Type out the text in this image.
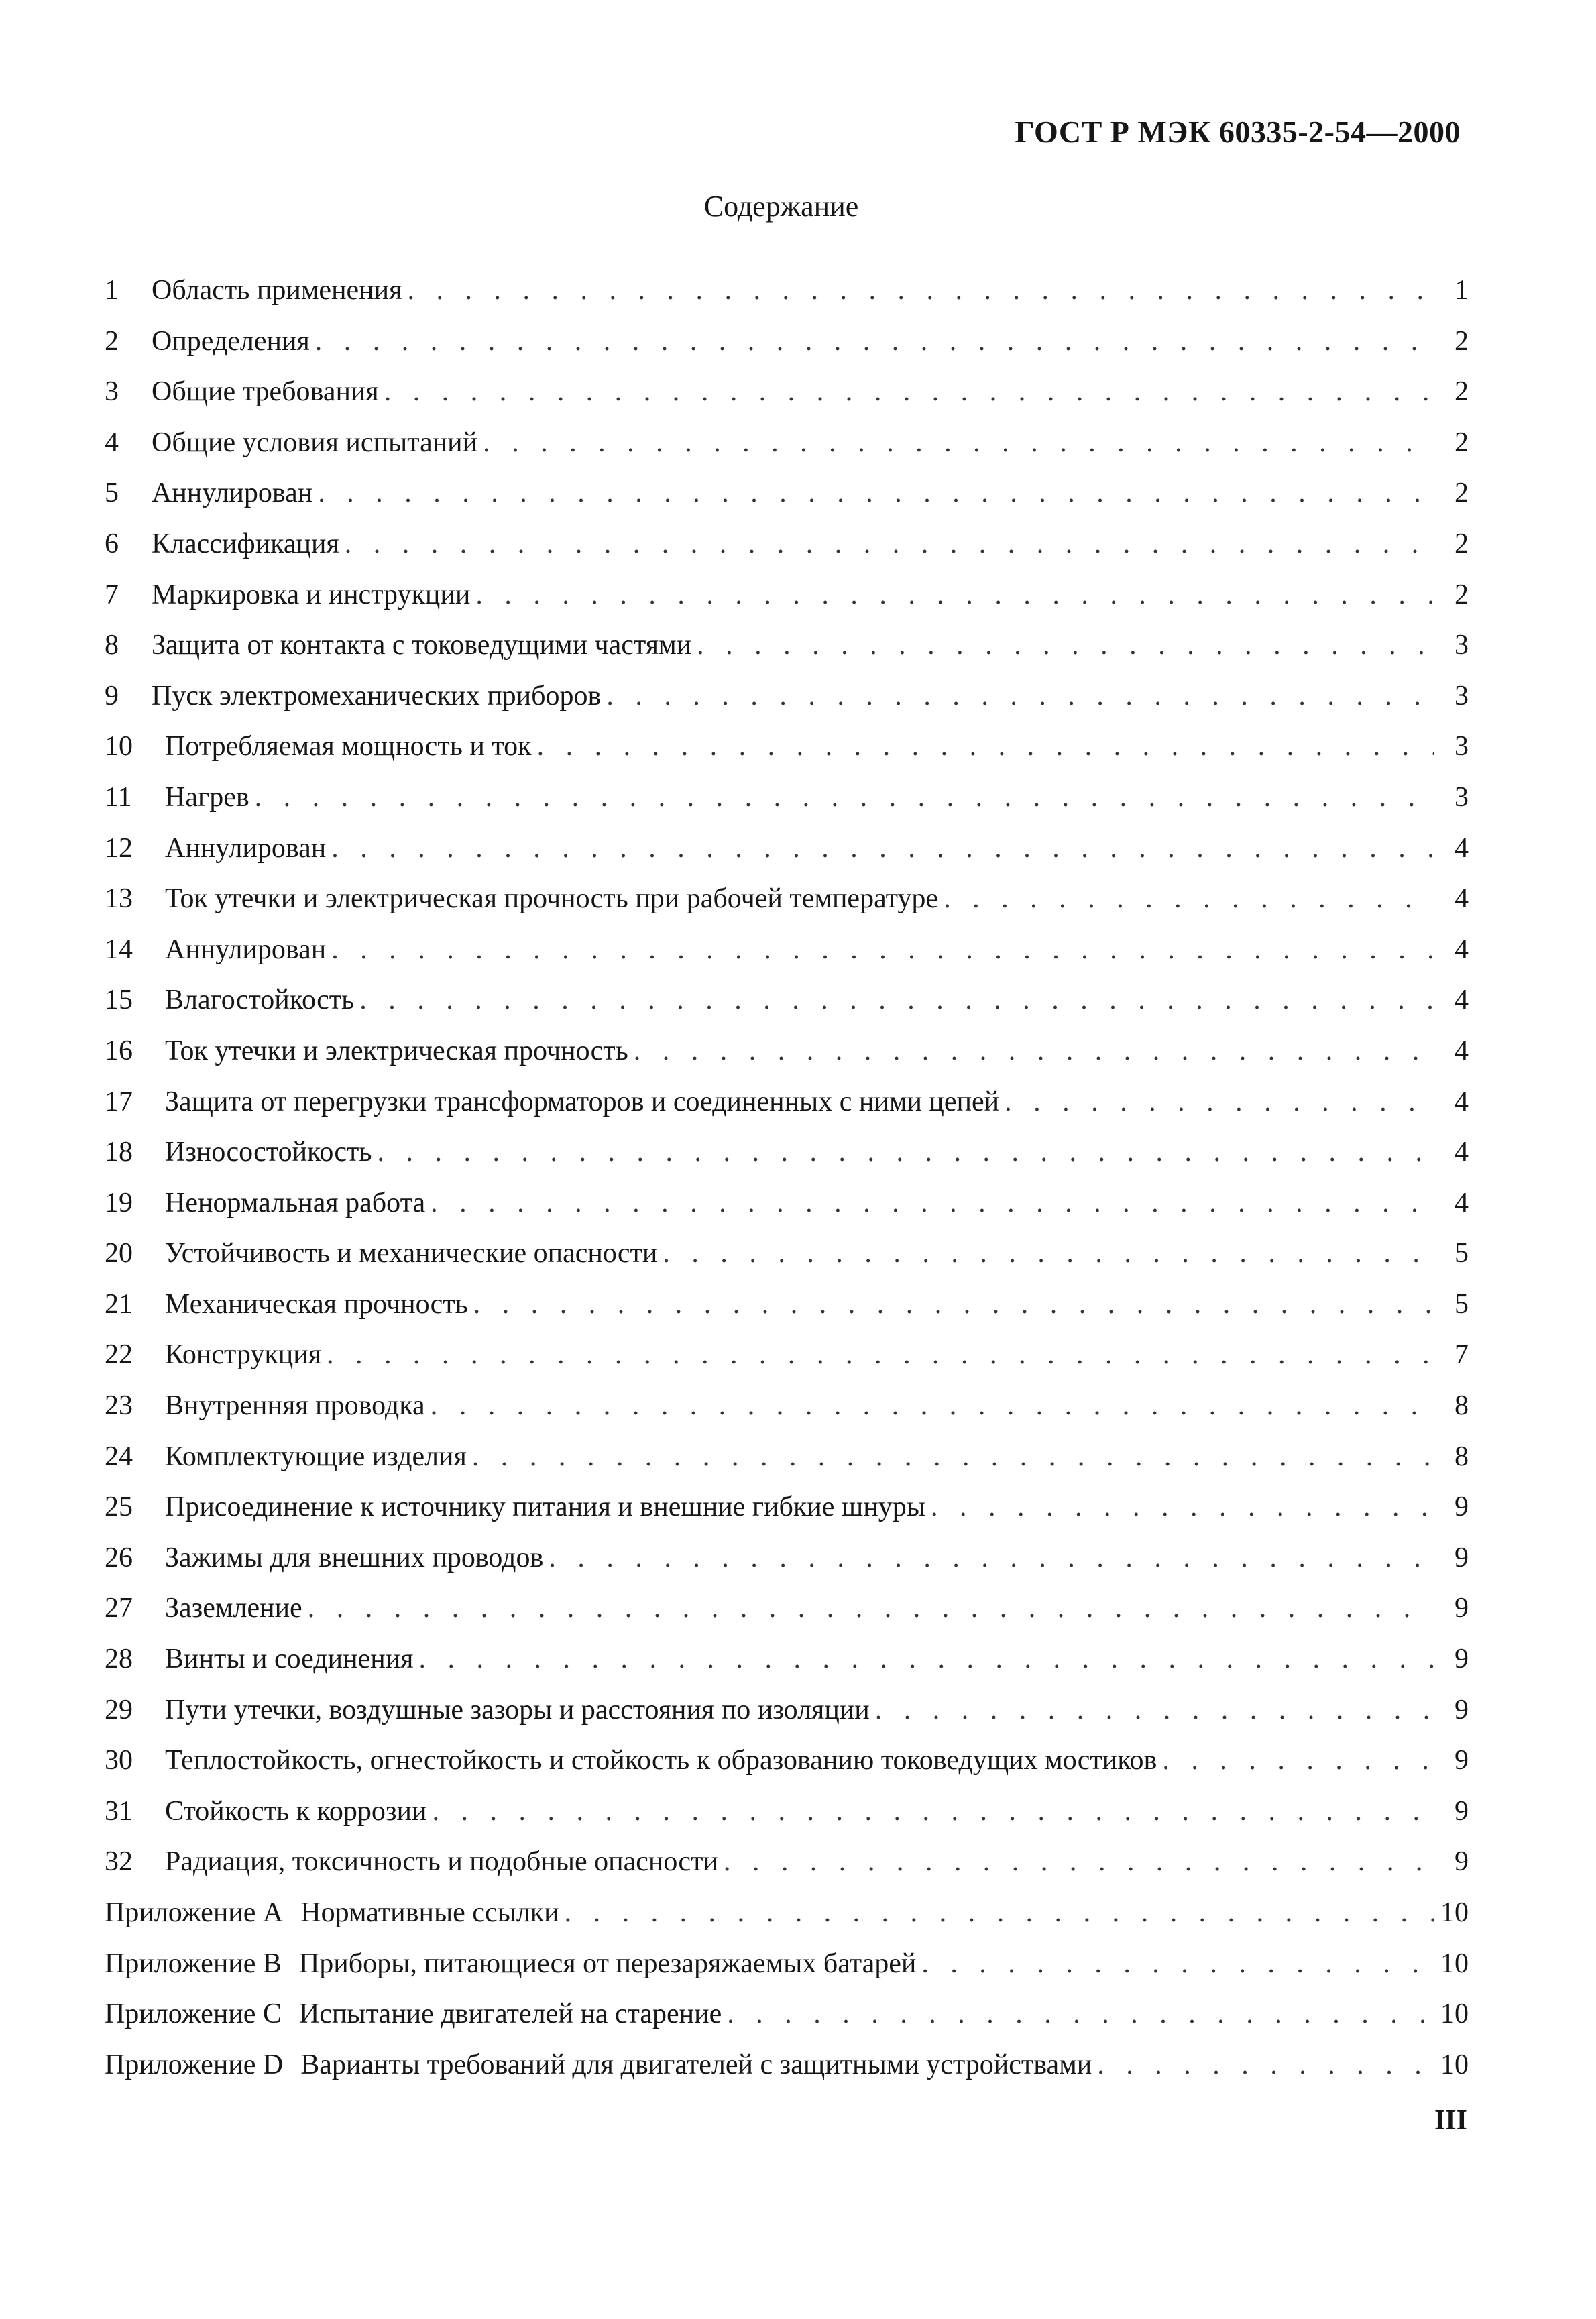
ГОСТ Р МЭК 60335-2-54—2000
Содержание
1	Область применения . . .	1
2	Определения . . .	2
3	Общие требования . . .	2
4	Общие условия испытаний . . .	2
5	Аннулирован . . .	2
6	Классификация . . .	2
7	Маркировка и инструкции . . .	2
8	Защита от контакта с токоведущими частями . . .	3
9	Пуск электромеханических приборов . . .	3
10	Потребляемая мощность и ток . . .	3
11	Нагрев . . .	3
12	Аннулирован . . .	4
13	Ток утечки и электрическая прочность при рабочей температуре . . .	4
14	Аннулирован . . .	4
15	Влагостойкость . . .	4
16	Ток утечки и электрическая прочность . . .	4
17	Защита от перегрузки трансформаторов и соединенных с ними цепей . . .	4
18	Износостойкость . . .	4
19	Ненормальная работа . . .	4
20	Устойчивость и механические опасности . . .	5
21	Механическая прочность . . .	5
22	Конструкция . . .	7
23	Внутренняя проводка . . .	8
24	Комплектующие изделия . . .	8
25	Присоединение к источнику питания и внешние гибкие шнуры . . .	9
26	Зажимы для внешних проводов . . .	9
27	Заземление . . .	9
28	Винты и соединения . . .	9
29	Пути утечки, воздушные зазоры и расстояния по изоляции . . .	9
30	Теплостойкость, огнестойкость и стойкость к образованию токоведущих мостиков . . .	9
31	Стойкость к коррозии . . .	9
32	Радиация, токсичность и подобные опасности . . .	9
Приложение A Нормативные ссылки . . .	10
Приложение B Приборы, питающиеся от перезаряжаемых батарей . . .	10
Приложение C Испытание двигателей на старение . . .	10
Приложение D Варианты требований для двигателей с защитными устройствами . . .	10
III
